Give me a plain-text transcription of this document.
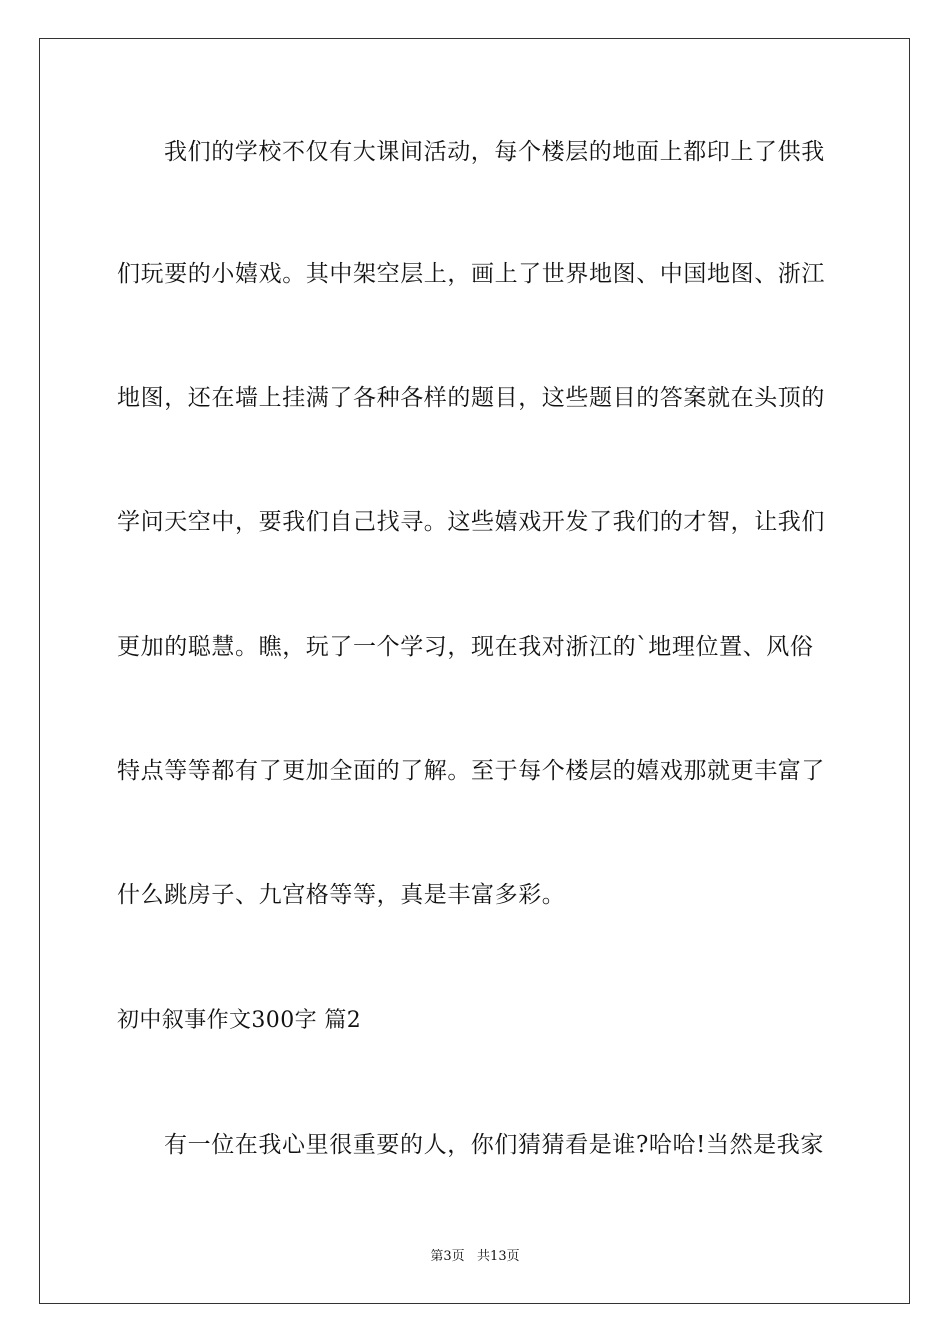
我们的学校不仅有大课间活动，每个楼层的地面上都印上了供我
们玩要的小嬉戏。其中架空层上，画上了世界地图、中国地图、浙江
地图，还在墙上挂满了各种各样的题目，这些题目的答案就在头顶的
学问天空中，要我们自己找寻。这些嬉戏开发了我们的才智，让我们
更加的聪慧。瞧，玩了一个学习，现在我对浙江的`地理位置、风俗
特点等等都有了更加全面的了解。至于每个楼层的嬉戏那就更丰富了
什么跳房子、九宫格等等，真是丰富多彩。
初中叙事作文300字 篇2
有一位在我心里很重要的人，你们猜猜看是谁?哈哈!当然是我家
第3页   共13页
